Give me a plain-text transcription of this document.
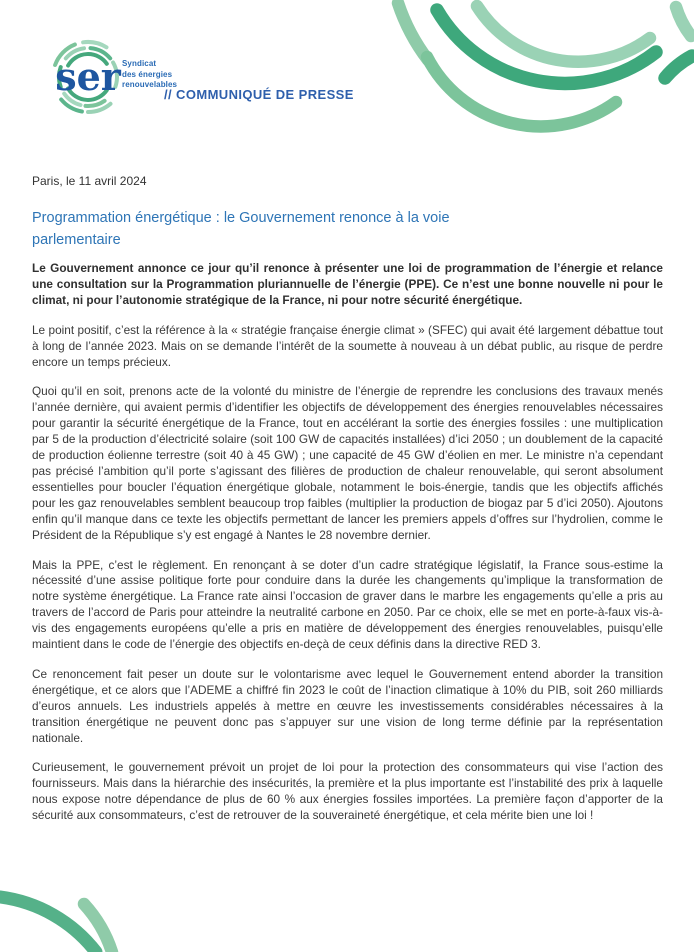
ser Syndicat
des énergies
renouvelables
// COMMUNIQUÉ DE PRESSE

Paris, le 11 avril 2024

Programmation énergétique : le Gouvernement renonce à la voie parlementaire

Le Gouvernement annonce ce jour qu’il renonce à présenter une loi de programmation de l’énergie et relance une consultation sur la Programmation pluriannuelle de l’énergie (PPE). Ce n’est une bonne nouvelle ni pour le climat, ni pour l’autonomie stratégique de la France, ni pour notre sécurité énergétique.

Le point positif, c’est la référence à la « stratégie française énergie climat » (SFEC) qui avait été largement débattue tout à long de l’année 2023. Mais on se demande l’intérêt de la soumette à nouveau à un débat public, au risque de perdre encore un temps précieux.

Quoi qu’il en soit, prenons acte de la volonté du ministre de l’énergie de reprendre les conclusions des travaux menés l’année dernière, qui avaient permis d’identifier les objectifs de développement des énergies renouvelables nécessaires pour garantir la sécurité énergétique de la France, tout en accélérant la sortie des énergies fossiles : une multiplication par 5 de la production d’électricité solaire (soit 100 GW de capacités installées) d’ici 2050 ; un doublement de la capacité de production éolienne terrestre (soit 40 à 45 GW) ; une capacité de 45 GW d’éolien en mer. Le ministre n’a cependant pas précisé l’ambition qu’il porte s’agissant des filières de production de chaleur renouvelable, qui seront absolument essentielles pour boucler l’équation énergétique globale, notamment le bois-énergie, tandis que les objectifs affichés pour les gaz renouvelables semblent beaucoup trop faibles (multiplier la production de biogaz par 5 d’ici 2050). Ajoutons enfin qu’il manque dans ce texte les objectifs permettant de lancer les premiers appels d’offres sur l’hydrolien, comme le Président de la République s’y est engagé à Nantes le 28 novembre dernier.

Mais la PPE, c’est le règlement. En renonçant à se doter d’un cadre stratégique législatif, la France sous-estime la nécessité d’une assise politique forte pour conduire dans la durée les changements qu’implique la transformation de notre système énergétique. La France rate ainsi l’occasion de graver dans le marbre les engagements qu’elle a pris au travers de l’accord de Paris pour atteindre la neutralité carbone en 2050. Par ce choix, elle se met en porte-à-faux vis-à-vis des engagements européens qu’elle a pris en matière de développement des énergies renouvelables, puisqu’elle maintient dans le code de l’énergie des objectifs en-deçà de ceux définis dans la directive RED 3.

Ce renoncement fait peser un doute sur le volontarisme avec lequel le Gouvernement entend aborder la transition énergétique, et ce alors que l’ADEME a chiffré fin 2023 le coût de l’inaction climatique à 10% du PIB, soit 260 milliards d’euros annuels. Les industriels appelés à mettre en œuvre les investissements considérables nécessaires à la transition énergétique ne peuvent donc pas s’appuyer sur une vision de long terme définie par la représentation nationale.

Curieusement, le gouvernement prévoit un projet de loi pour la protection des consommateurs qui vise l’action des fournisseurs. Mais dans la hiérarchie des insécurités, la première et la plus importante est l’instabilité des prix à laquelle nous expose notre dépendance de plus de 60 % aux énergies fossiles importées. La première façon d’apporter de la sécurité aux consommateurs, c’est de retrouver de la souveraineté énergétique, et cela mérite bien une loi !
